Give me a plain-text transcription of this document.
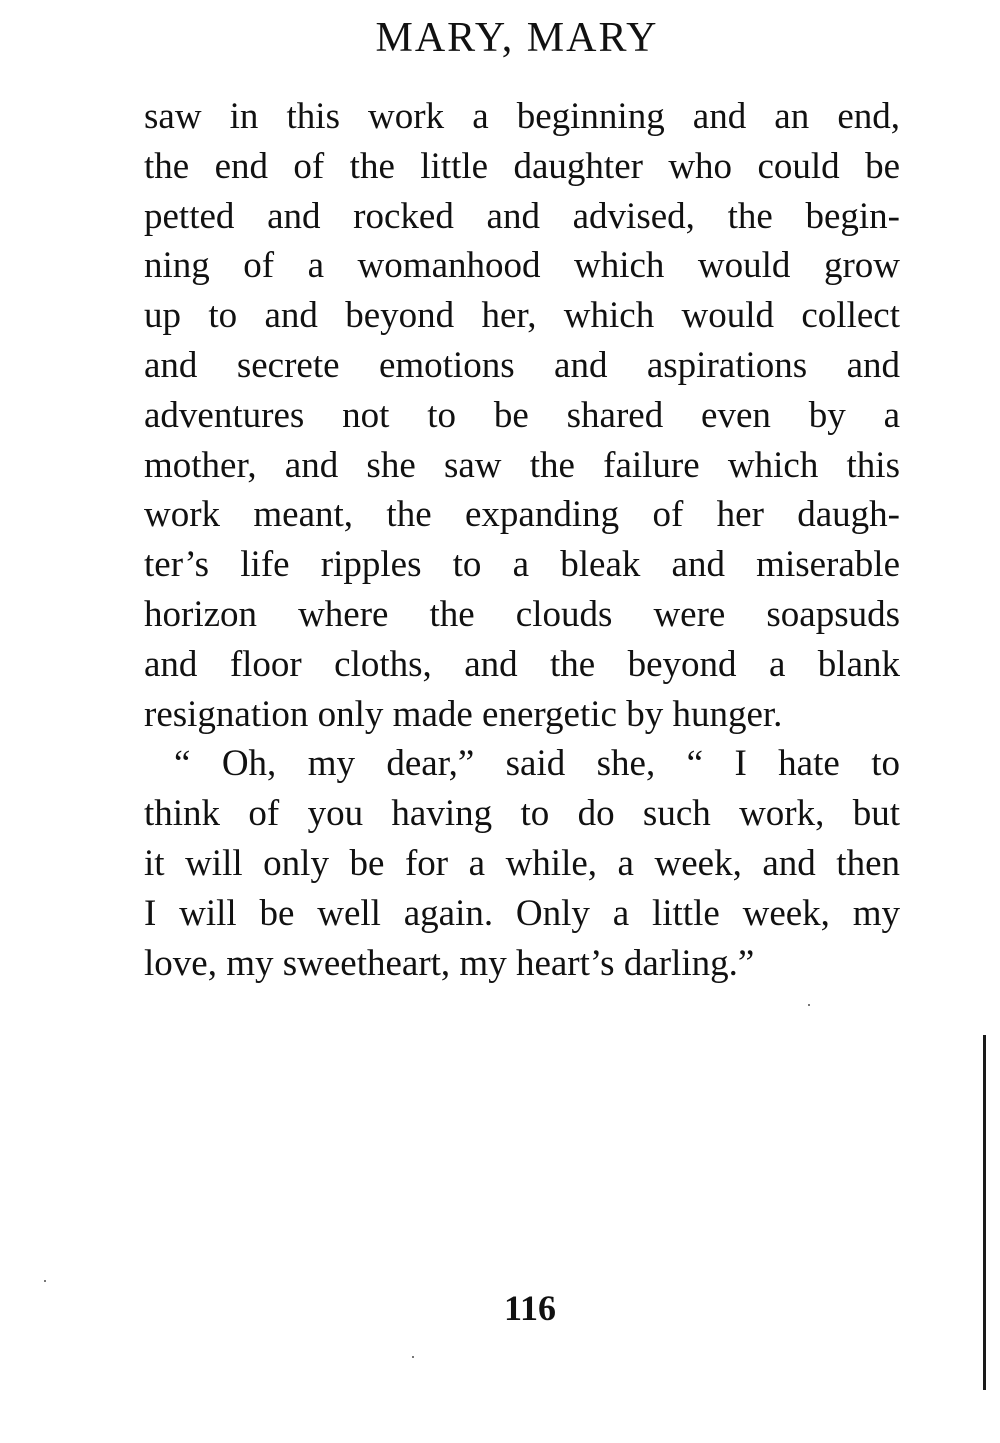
MARY, MARY
saw in this work a beginning and an end,
the end of the little daughter who could be
petted and rocked and advised, the begin-
ning of a womanhood which would grow
up to and beyond her, which would collect
and secrete emotions and aspirations and
adventures not to be shared even by a
mother, and she saw the failure which this
work meant, the expanding of her daugh-
ter’s life ripples to a bleak and miserable
horizon where the clouds were soapsuds
and floor cloths, and the beyond a blank
resignation only made energetic by hunger.
“ Oh, my dear,” said she, “ I hate to
think of you having to do such work, but
it will only be for a while, a week, and then
I will be well again. Only a little week, my
love, my sweetheart, my heart’s darling.”
116
